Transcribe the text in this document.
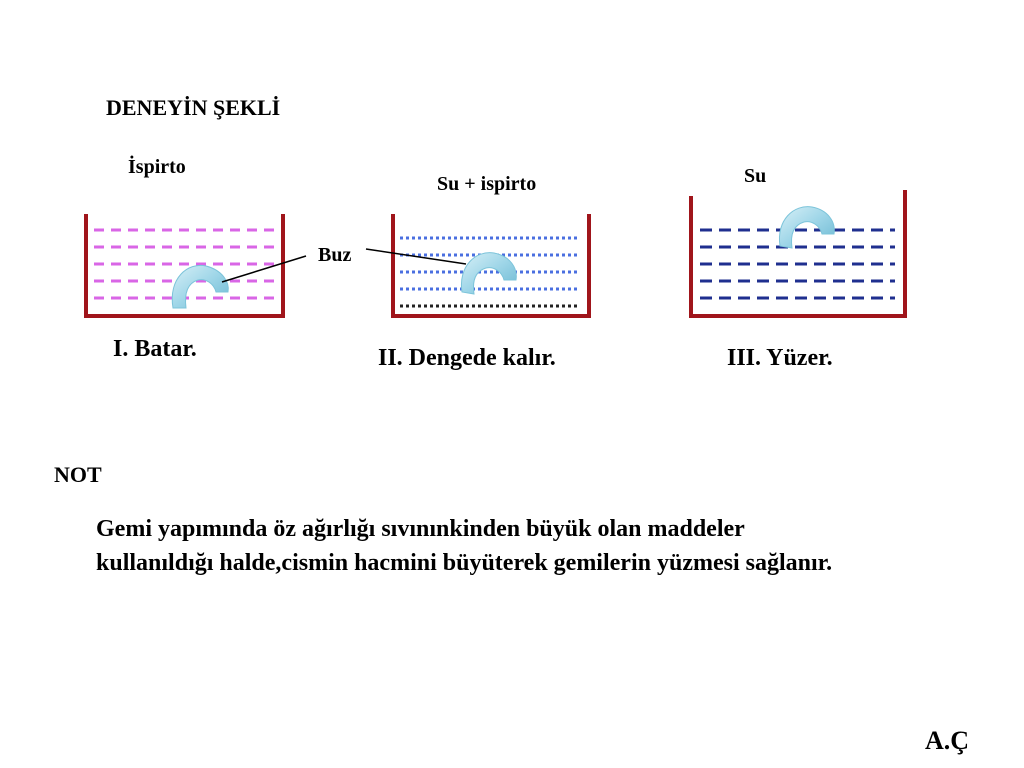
DENEYİN ŞEKLİ
İspirto
Su + ispirto	Su
Buz
I. Batar.	II. Dengede kalır.	III. Yüzer.
NOT
Gemi yapımında öz ağırlığı sıvınınkinden büyük olan maddeler
kullanıldığı halde,cismin hacmini büyüterek gemilerin yüzmesi sağlanır.
A.Ç
